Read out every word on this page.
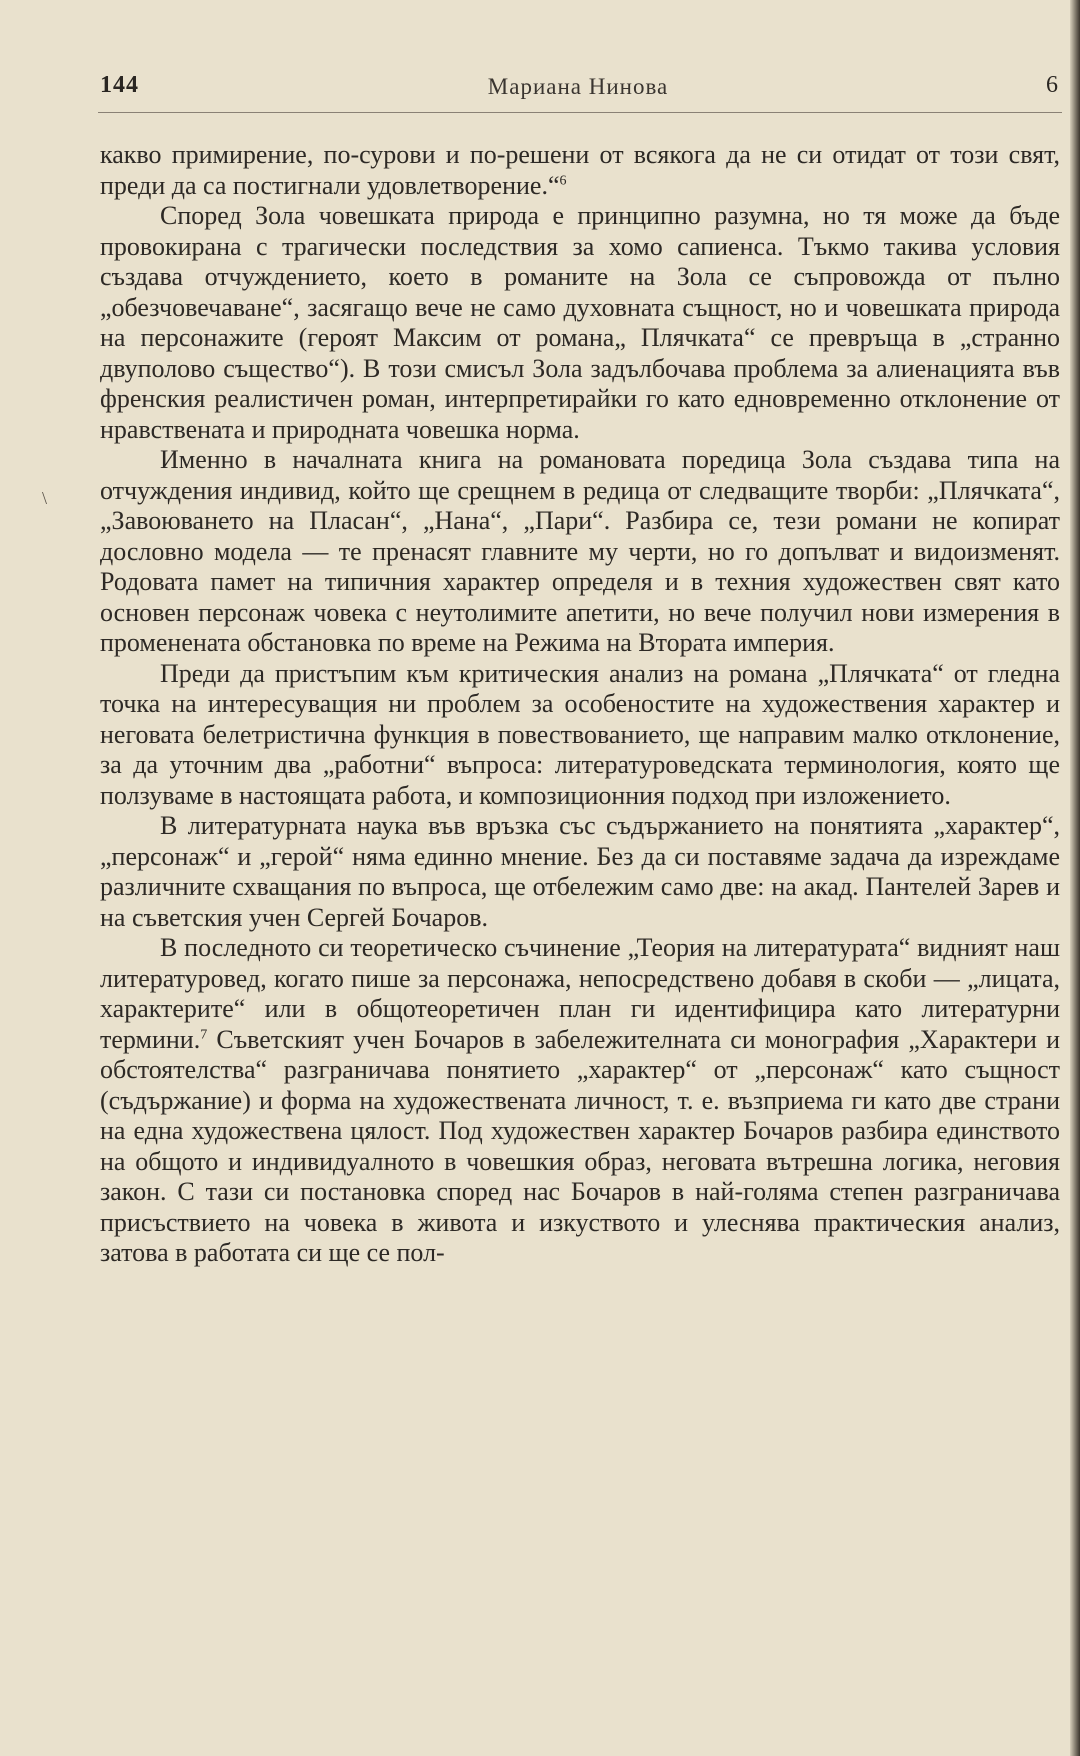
144	Мариана Нинова	6
\

какво примирение, по-сурови и по-решени от всякога да не си отидат от този свят, преди да са постигнали удовлетворение.“$^6$

Според Зола човешката природа е принципно разумна, но тя може да бъде провокирана с трагически последствия за хомо сапиенса. Тъкмо такива условия създава отчуждението, което в романите на Зола се съпровожда от пълно „обезчовечаване“, засягащо вече не само духовната същност, но и човешката природа на персонажите (героят Максим от романа„ Плячката“ се превръща в „странно двуполово същество“). В този смисъл Зола задълбочава проблема за алиенацията във френския реалистичен роман, интерпретирайки го като едновременно отклонение от нравствената и природната човешка норма.

Именно в началната книга на романовата поредица Зола създава типа на отчуждения индивид, който ще срещнем в редица от следващите творби: „Плячката“, „Завоюването на Пласан“, „Нана“, „Пари“. Разбира се, тези романи не копират дословно модела — те пренасят главните му черти, но го допълват и видоизменят. Родовата памет на типичния характер определя и в техния художествен свят като основен персонаж човека с неутолимите апетити, но вече получил нови измерения в променената обстановка по време на Режима на Втората империя.

Преди да пристъпим към критическия анализ на романа „Плячката“ от гледна точка на интересуващия ни проблем за особеностите на художествения характер и неговата белетристична функция в повествованието, ще направим малко отклонение, за да уточним два „работни“ въпроса: литературоведската терминология, която ще ползуваме в настоящата работа, и композиционния подход при изложението.

В литературната наука във връзка със съдържанието на понятията „характер“, „персонаж“ и „герой“ няма единно мнение. Без да си поставяме задача да изреждаме различните схващания по въпроса, ще отбележим само две: на акад. Пантелей Зарев и на съветския учен Сергей Бочаров.

В последното си теоретическо съчинение „Теория на литературата“ видният наш литературовед, когато пише за персонажа, непосредствено добавя в скоби — „лицата, характерите“ или в общотеоретичен план ги идентифицира като литературни термини.$^7$ Съветският учен Бочаров в забележителната си монография „Характери и обстоятелства“ разграничава понятието „характер“ от „персонаж“ като същност (съдържание) и форма на художествената личност, т. е. възприема ги като две страни на една художествена цялост. Под художествен характер Бочаров разбира единството на общото и индивидуалното в човешкия образ, неговата вътрешна логика, неговия закон. С тази си постановка според нас Бочаров в най-голяма степен разграничава присъствието на човека в живота и изкуството и улеснява практическия анализ, затова в работата си ще се пол-
